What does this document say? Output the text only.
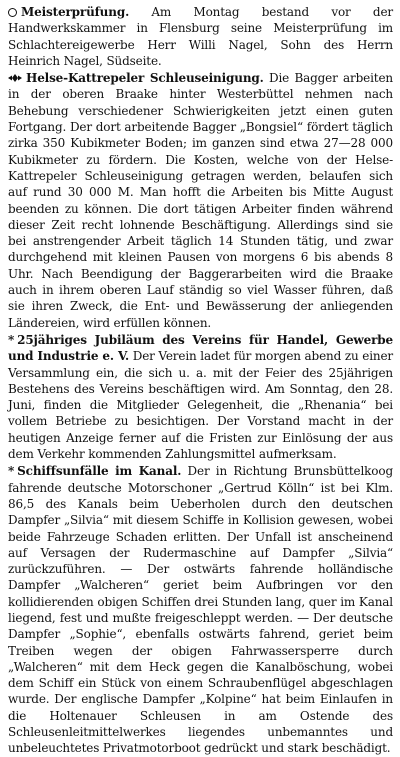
Meisterprüfung. Am Montag bestand vor der Handwerkskammer in Flensburg seine Meisterprüfung im Schlachtereigewerbe Herr Willi Nagel, Sohn des Herrn Heinrich Nagel, Südseite.

Helse-Kattrepeler Schleuseinigung. Die Bagger arbeiten in der oberen Braake hinter Westerbüttel nehmen nach Behebung verschiedener Schwierigkeiten jetzt einen guten Fortgang. Der dort arbeitende Bagger „Bongsiel“ fördert täglich zirka 350 Kubikmeter Boden; im ganzen sind etwa 27—28 000 Kubikmeter zu fördern. Die Kosten, welche von der Helse-Kattrepeler Schleuseinigung getragen werden, belaufen sich auf rund 30 000 M. Man hofft die Arbeiten bis Mitte August beenden zu können. Die dort tätigen Arbeiter finden während dieser Zeit recht lohnende Beschäftigung. Allerdings sind sie bei anstrengender Arbeit täglich 14 Stunden tätig, und zwar durchgehend mit kleinen Pausen von morgens 6 bis abends 8 Uhr. Nach Beendigung der Baggerarbeiten wird die Braake auch in ihrem oberen Lauf ständig so viel Wasser führen, daß sie ihren Zweck, die Ent- und Bewässerung der anliegenden Ländereien, wird erfüllen können.

* 25jähriges Jubiläum des Vereins für Handel, Gewerbe und Industrie e. V. Der Verein ladet für morgen abend zu einer Versammlung ein, die sich u. a. mit der Feier des 25jährigen Bestehens des Vereins beschäftigen wird. Am Sonntag, den 28. Juni, finden die Mitglieder Gelegenheit, die „Rhenania“ bei vollem Betriebe zu besichtigen. Der Vorstand macht in der heutigen Anzeige ferner auf die Fristen zur Einlösung der aus dem Verkehr kommenden Zahlungsmittel aufmerksam.

* Schiffsunfälle im Kanal. Der in Richtung Brunsbüttelkoog fahrende deutsche Motorschoner „Gertrud Kölln“ ist bei Klm. 86,5 des Kanals beim Ueberholen durch den deutschen Dampfer „Silvia“ mit diesem Schiffe in Kollision gewesen, wobei beide Fahrzeuge Schaden erlitten. Der Unfall ist anscheinend auf Versagen der Rudermaschine auf Dampfer „Silvia“ zurückzuführen. — Der ostwärts fahrende holländische Dampfer „Walcheren“ geriet beim Aufbringen vor den kollidierenden obigen Schiffen drei Stunden lang, quer im Kanal liegend, fest und mußte freigeschleppt werden. — Der deutsche Dampfer „Sophie“, ebenfalls ostwärts fahrend, geriet beim Treiben wegen der obigen Fahrwassersperre durch „Walcheren“ mit dem Heck gegen die Kanalböschung, wobei dem Schiff ein Stück von einem Schraubenflügel abgeschlagen wurde. Der englische Dampfer „Kolpine“ hat beim Einlaufen in die Holtenauer Schleusen in am Ostende des Schleusenleitmittelwerkes liegendes unbemanntes und unbeleuchtetes Privatmotorboot gedrückt und stark beschädigt.
